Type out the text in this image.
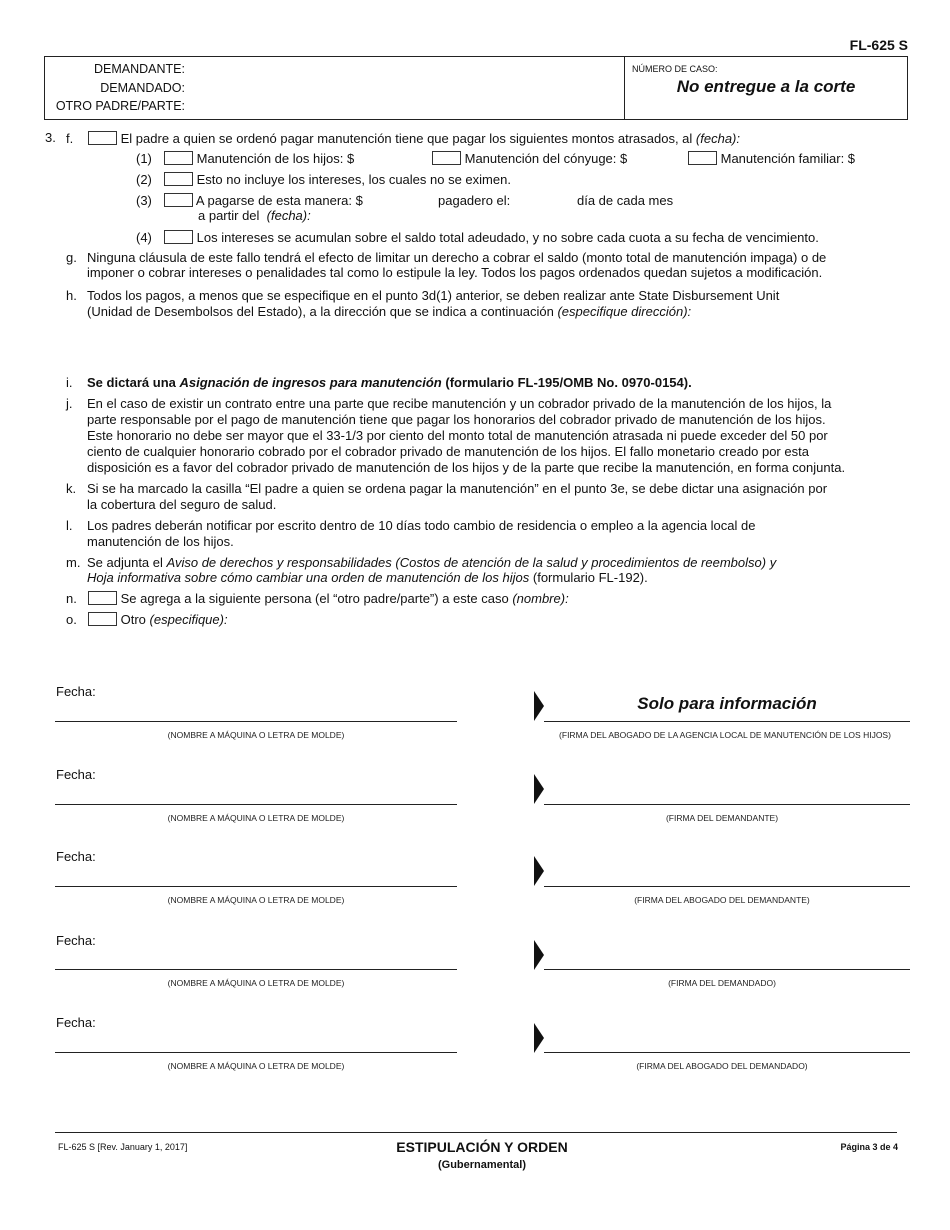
FL-625 S
DEMANDANTE:
DEMANDADO:
OTRO PADRE/PARTE:
NÚMERO DE CASO:
No entregue a la corte
3. f.	El padre a quien se ordenó pagar manutención tiene que pagar los siguientes montos atrasados, al (fecha):
(1)	Manutención de los hijos: $	Manutención del cónyuge: $	Manutención familiar: $
(2)	Esto no incluye los intereses, los cuales no se eximen.
(3)	A pagarse de esta manera: $	pagadero el:	día de cada mes
a partir del (fecha):
(4)	Los intereses se acumulan sobre el saldo total adeudado, y no sobre cada cuota a su fecha de vencimiento.
g. Ninguna cláusula de este fallo tendrá el efecto de limitar un derecho a cobrar el saldo (monto total de manutención impaga) o de
imponer o cobrar intereses o penalidades tal como lo estipule la ley. Todos los pagos ordenados quedan sujetos a modificación.
h. Todos los pagos, a menos que se especifique en el punto 3d(1) anterior, se deben realizar ante State Disbursement Unit
(Unidad de Desembolsos del Estado), a la dirección que se indica a continuación (especifique dirección):
i. Se dictará una Asignación de ingresos para manutención (formulario FL-195/OMB No. 0970-0154).
j. En el caso de existir un contrato entre una parte que recibe manutención y un cobrador privado de la manutención de los hijos, la
parte responsable por el pago de manutención tiene que pagar los honorarios del cobrador privado de manutención de los hijos.
Este honorario no debe ser mayor que el 33-1/3 por ciento del monto total de manutención atrasada ni puede exceder del 50 por
ciento de cualquier honorario cobrado por el cobrador privado de manutención de los hijos. El fallo monetario creado por esta
disposición es a favor del cobrador privado de manutención de los hijos y de la parte que recibe la manutención, en forma conjunta.
k. Si se ha marcado la casilla “El padre a quien se ordena pagar la manutención” en el punto 3e, se debe dictar una asignación por
la cobertura del seguro de salud.
l. Los padres deberán notificar por escrito dentro de 10 días todo cambio de residencia o empleo a la agencia local de
manutención de los hijos.
m. Se adjunta el Aviso de derechos y responsabilidades (Costos de atención de la salud y procedimientos de reembolso) y
Hoja informativa sobre cómo cambiar una orden de manutención de los hijos (formulario FL-192).
n.	Se agrega a la siguiente persona (el “otro padre/parte”) a este caso (nombre):
o.	Otro (especifique):
Fecha:
(NOMBRE A MÁQUINA O LETRA DE MOLDE)
Solo para información
(FIRMA DEL ABOGADO DE LA AGENCIA LOCAL DE MANUTENCIÓN DE LOS HIJOS)
Fecha:
(NOMBRE A MÁQUINA O LETRA DE MOLDE)	(FIRMA DEL DEMANDANTE)
Fecha:
(NOMBRE A MÁQUINA O LETRA DE MOLDE)	(FIRMA DEL ABOGADO DEL DEMANDANTE)
Fecha:
(NOMBRE A MÁQUINA O LETRA DE MOLDE)	(FIRMA DEL DEMANDADO)
Fecha:
(NOMBRE A MÁQUINA O LETRA DE MOLDE)	(FIRMA DEL ABOGADO DEL DEMANDADO)
FL-625 S [Rev. January 1, 2017]	ESTIPULACIÓN Y ORDEN
(Gubernamental)
Página 3 de 4
